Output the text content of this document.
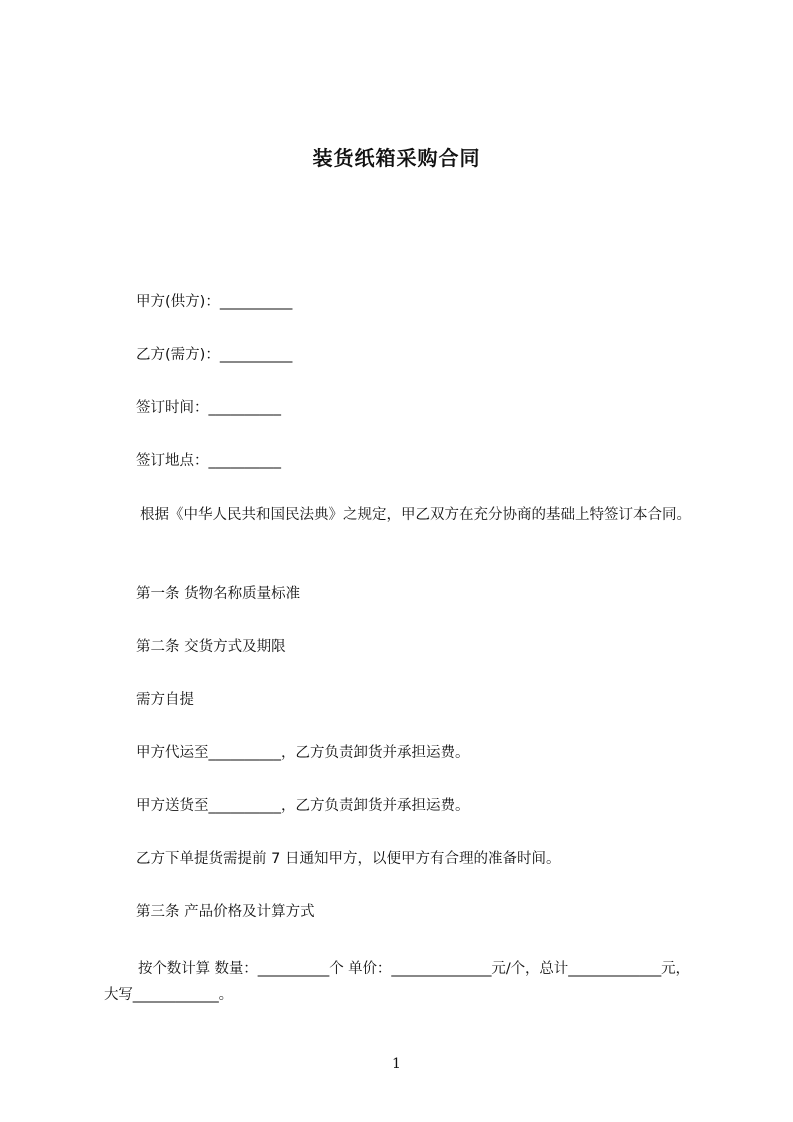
装货纸箱采购合同
甲方(供方)：__________
乙方(需方)：__________
签订时间：__________
签订地点：__________
根据《中华人民共和国民法典》之规定，甲乙双方在充分协商的基础上特签订本合同。
第一条 货物名称质量标准
第二条 交货方式及期限
需方自提
甲方代运至__________，乙方负责卸货并承担运费。
甲方送货至__________，乙方负责卸货并承担运费。
乙方下单提货需提前 7 日通知甲方，以便甲方有合理的准备时间。
第三条 产品价格及计算方式
按个数计算 数量：__________个 单价：______________元/个，总计_____________元，大写____________。
1
